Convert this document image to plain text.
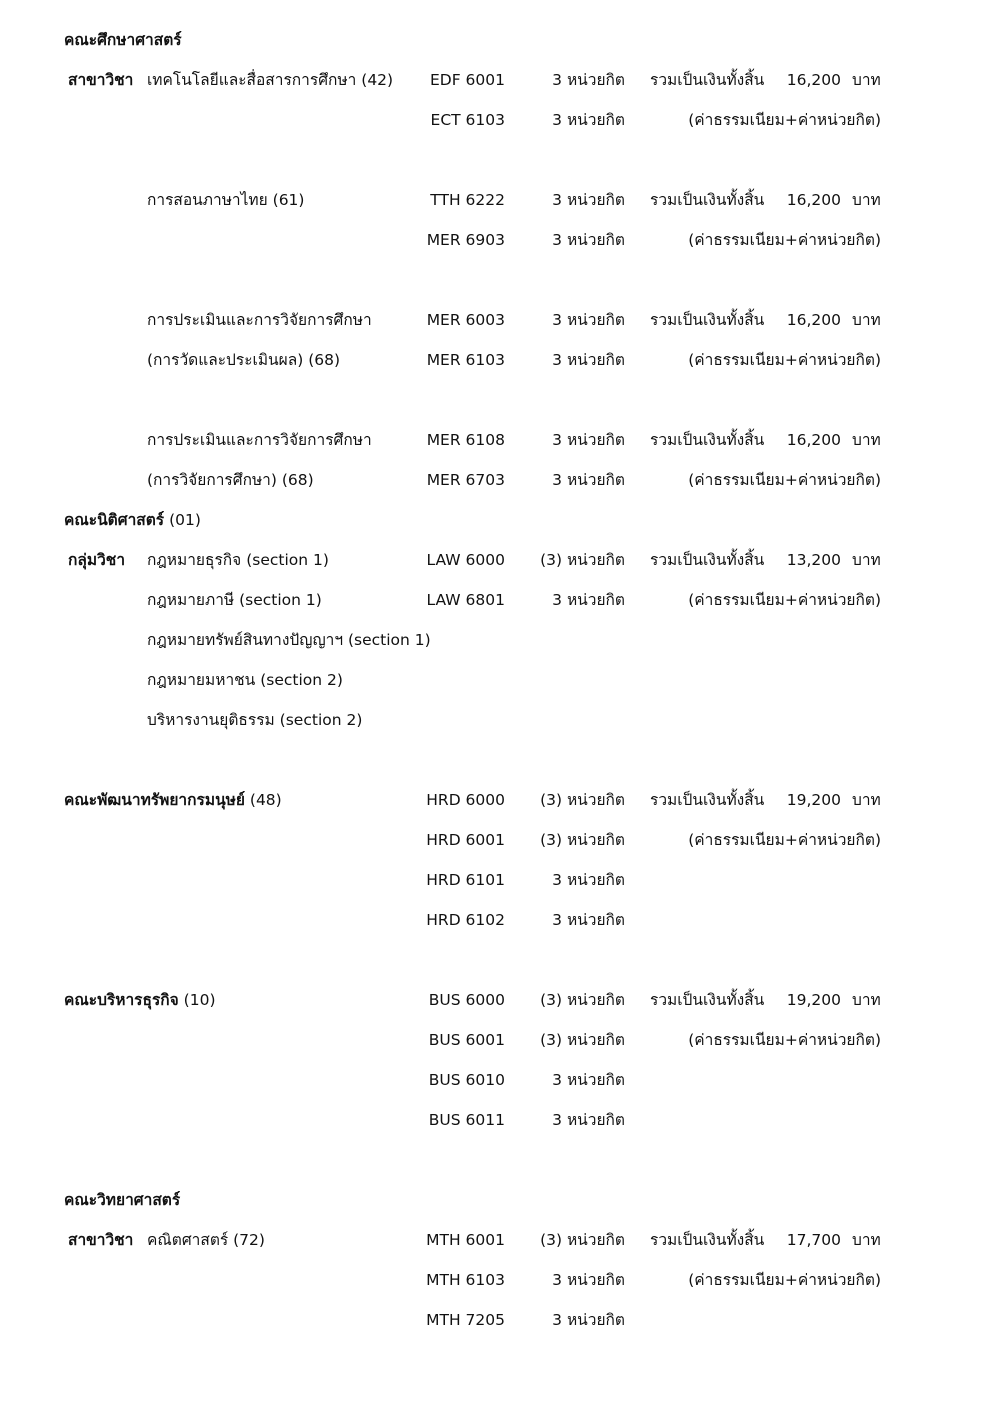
คณะศึกษาศาสตร์
สาขาวิชา เทคโนโลยีและสื่อสารการศึกษา (42)	EDF 6001	3 หน่วยกิต รวมเป็นเงินทั้งสิ้น	16,200 บาท
ECT 6103	3 หน่วยกิต	(ค่าธรรมเนียม+ค่าหน่วยกิต)
การสอนภาษาไทย (61)	TTH 6222	3 หน่วยกิต รวมเป็นเงินทั้งสิ้น	16,200 บาท
MER 6903	3 หน่วยกิต	(ค่าธรรมเนียม+ค่าหน่วยกิต)
การประเมินและการวิจัยการศึกษา	MER 6003	3 หน่วยกิต รวมเป็นเงินทั้งสิ้น	16,200 บาท
(การวัดและประเมินผล) (68)	MER 6103	3 หน่วยกิต	(ค่าธรรมเนียม+ค่าหน่วยกิต)
การประเมินและการวิจัยการศึกษา	MER 6108	3 หน่วยกิต รวมเป็นเงินทั้งสิ้น	16,200 บาท
(การวิจัยการศึกษา) (68)	MER 6703	3 หน่วยกิต	(ค่าธรรมเนียม+ค่าหน่วยกิต)
คณะนิติศาสตร์ (01)
กลุ่มวิชา กฎหมายธุรกิจ (section 1)	LAW 6000	(3) หน่วยกิต รวมเป็นเงินทั้งสิ้น	13,200 บาท
กฎหมายภาษี (section 1)	LAW 6801	3 หน่วยกิต	(ค่าธรรมเนียม+ค่าหน่วยกิต)
กฎหมายทรัพย์สินทางปัญญาฯ (section 1)
กฎหมายมหาชน (section 2)
บริหารงานยุติธรรม (section 2)
คณะพัฒนาทรัพยากรมนุษย์ (48)	HRD 6000	(3) หน่วยกิต รวมเป็นเงินทั้งสิ้น	19,200 บาท
HRD 6001	(3) หน่วยกิต	(ค่าธรรมเนียม+ค่าหน่วยกิต)
HRD 6101	3 หน่วยกิต
HRD 6102	3 หน่วยกิต
คณะบริหารธุรกิจ (10)	BUS 6000	(3) หน่วยกิต รวมเป็นเงินทั้งสิ้น	19,200 บาท
BUS 6001	(3) หน่วยกิต	(ค่าธรรมเนียม+ค่าหน่วยกิต)
BUS 6010	3 หน่วยกิต
BUS 6011	3 หน่วยกิต
คณะวิทยาศาสตร์
สาขาวิชา คณิตศาสตร์ (72)	MTH 6001	(3) หน่วยกิต รวมเป็นเงินทั้งสิ้น	17,700 บาท
MTH 6103	3 หน่วยกิต	(ค่าธรรมเนียม+ค่าหน่วยกิต)
MTH 7205	3 หน่วยกิต
